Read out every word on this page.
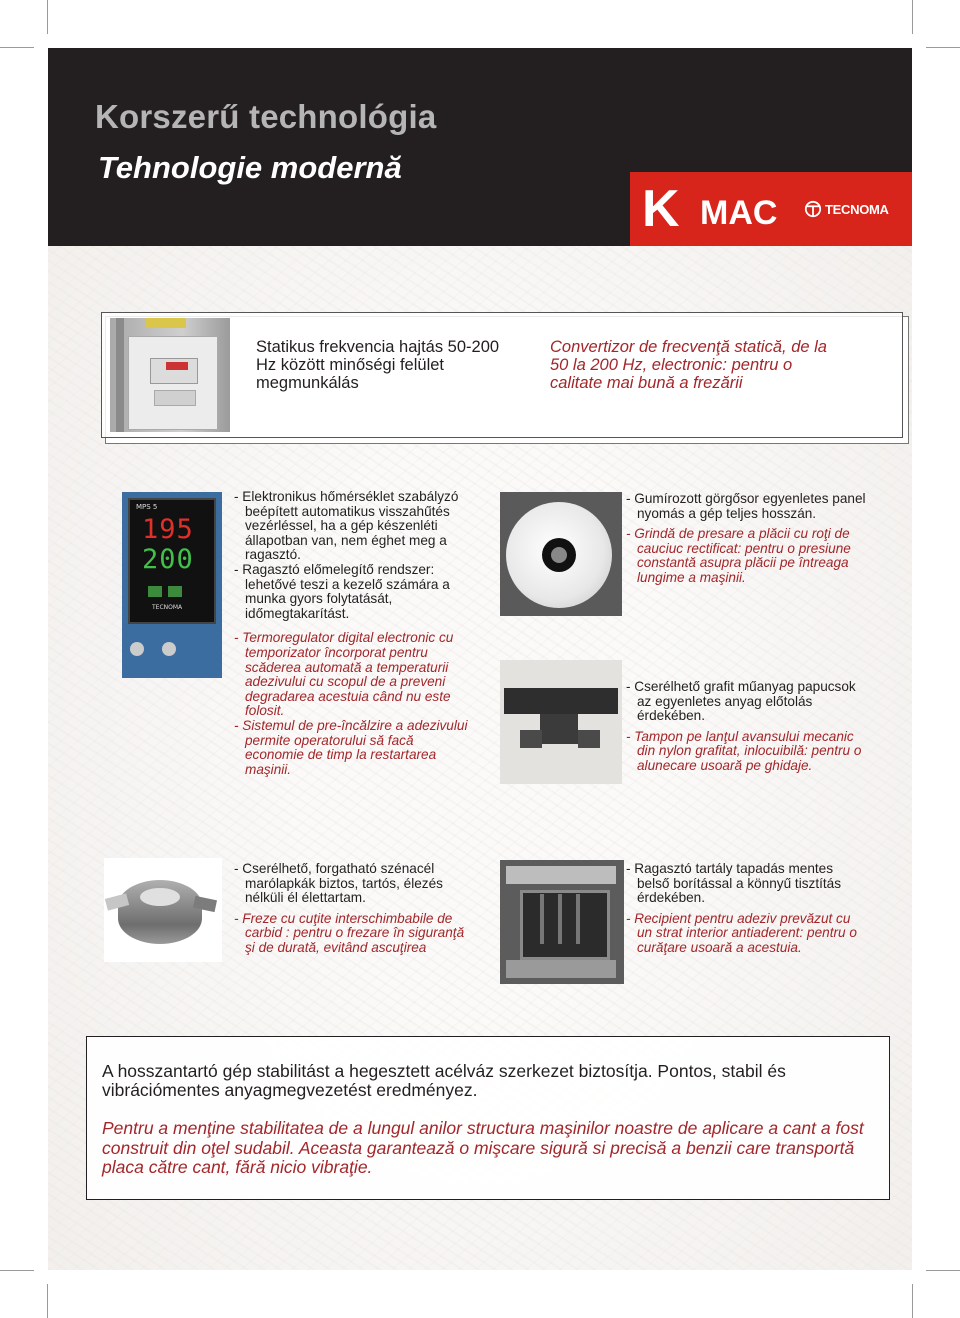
Korszerű technológia
Tehnologie modernă
K MAC	TECNOMA
Statikus frekvencia hajtás 50-200 Hz között minőségi felület megmunkálás
Convertizor de frecvenţă statică, de la 50 la 200 Hz, electronic: pentru o calitate mai bună a frezării
MPS 5
195
200
TECNOMA

- Elektronikus hőmérséklet szabályzó beépített automatikus visszahűtés vezérléssel, ha a gép készenléti állapotban van, nem éghet meg a ragasztó.

- Ragasztó előmelegítő rendszer: lehetővé teszi a kezelő számára a munka gyors folytatását, időmegtakarítást.

- Termoregulator digital electronic cu temporizator încorporat pentru scăderea automată a temperaturii adezivului cu scopul de a preveni degradarea acestuia când nu este folosit.

- Sistemul de pre-încălzire a adezivului permite operatorului să facă economie de timp la restartarea maşinii.

- Gumírozott görgősor egyenletes panel nyomás a gép teljes hosszán.

- Grindă de presare a plăcii cu roţi de cauciuc rectificat: pentru o presiune constantă asupra plăcii pe întreaga lungime a maşinii.

- Cserélhető grafit műanyag papucsok az egyenletes anyag előtolás érdekében.

- Tampon pe lanţul avansului mecanic din nylon grafitat, inlocuibilă: pentru o alunecare usoară pe ghidaje.

- Cserélhető, forgatható szénacél marólapkák biztos, tartós, élezés nélküli él élettartam.

- Freze cu cuţite interschimbabile de carbid : pentru o frezare în siguranţă şi de durată, evitând ascuţirea

- Ragasztó tartály tapadás mentes belső borítással a könnyű tisztítás érdekében.

- Recipient pentru adeziv prevăzut cu un strat interior antiaderent: pentru o curăţare usoară a acestuia.

A hosszantartó gép stabilitást a hegesztett acélváz szerkezet biztosítja. Pontos, stabil és vibrációmentes anyagmegvezetést eredményez.
Pentru a menţine stabilitatea de a lungul anilor structura maşinilor noastre de aplicare a cant a fost construit din oţel sudabil. Aceasta garantează o mişcare sigură si precisă a benzii care transportă placa către cant, fără nicio vibraţie.
